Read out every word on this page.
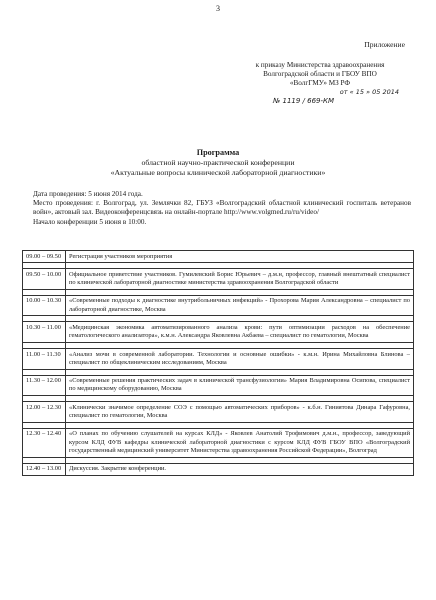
3
Приложение
к приказу Министерства здравоохранения
Волгоградской области и ГБОУ ВПО
«ВолгГМУ» МЗ РФ
от « 15 » 05 2014
№ 1119 / 669-КМ
Программа
областной научно-практической конференции
«Актуальные вопросы клинической лабораторной диагностики»

Дата проведения: 5 июня 2014 года.

Место проведения: г. Волгоград, ул. Землячки 82, ГБУЗ «Волгоградский областной клинический госпиталь ветеранов войн», актовый зал. Видеоконференцсвязь на онлайн-портале http://www.volgmed.ru/ru/video/

Начало конференции 5 июня в 10:00.

09.00 – 09.50	Регистрация участников мероприятия

09.50 – 10.00	Официальное приветствие участников. Гумилевский Борис Юрьевич – д.м.н, профессор, главный внештатный специалист по клинической лабораторной диагностике министерства здравоохранения Волгоградской области

10.00 – 10.30	«Современные подходы к диагностике внутрибольничных инфекций» - Прохорова Мария Александровна – специалист по лабораторной диагностике, Москва

10.30 – 11.00	«Медицинская экономика автоматизированного анализа крови: пути оптимизации расходов на обеспечение гематологического анализатора», к.м.н. Александра Яковлевна Акбаева – специалист по гематологии, Москва

11.00 – 11.30	«Анализ мочи в современной лаборатории. Технологии и основные ошибки» - к.м.н. Ирина Михайловна Блинова – специалист по общеклиническим исследованиям, Москва

11.30 – 12.00	«Современные решения практических задач в клинической трансфузиологии» Мария Владимировна Осипова, специалист по медицинскому оборудованию, Москва

12.00 – 12.30	«Клинически значимое определение СОЭ с помощью автоматических приборов» - к.б.н. Гиниятова Динара Гафуровна, специалист по гематологии, Москва

12.30 – 12.40	«О планах по обучению слушателей на курсах КЛД» - Яковлев Анатолий Трофимович д.м.н., профессор, заведующий курсом КЛД ФУВ кафедры клинической лабораторной диагностики с курсом КЛД ФУВ ГБОУ ВПО «Волгоградский государственный медицинский университет Министерства здравоохранения Российской Федерации», Волгоград

12.40 – 13.00	Дискуссия. Закрытие конференции.
